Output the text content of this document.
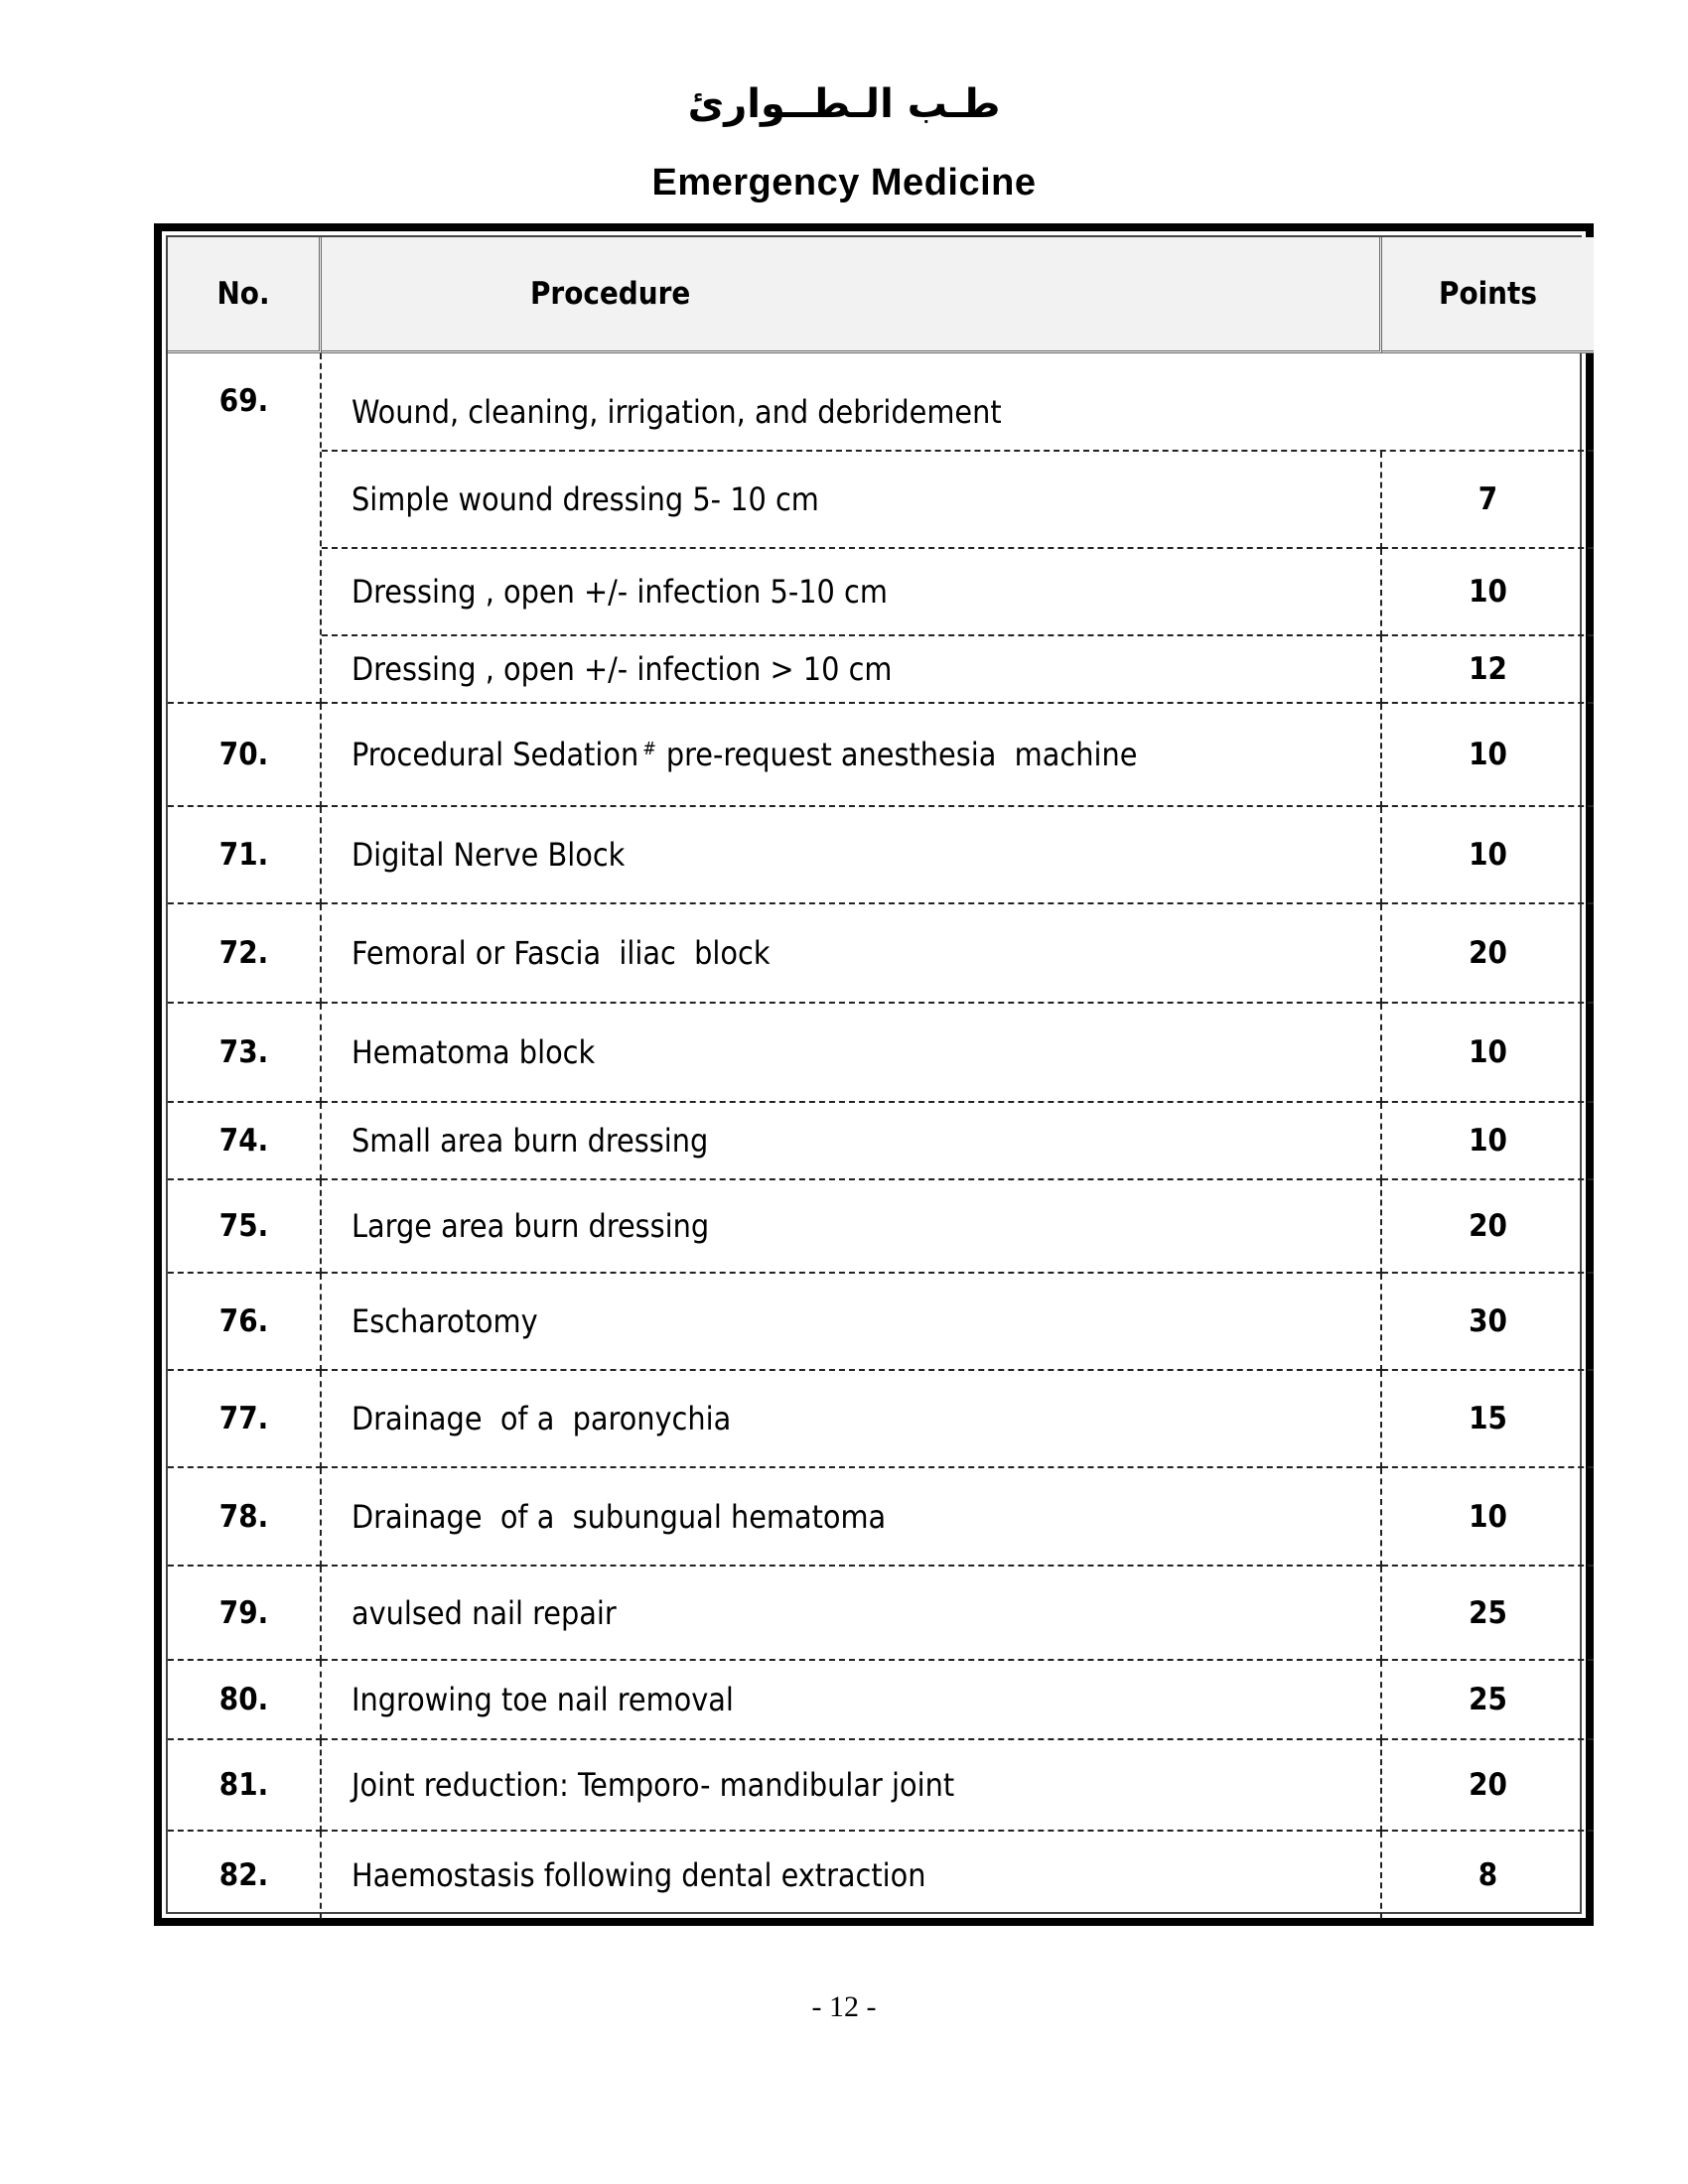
طـب الـطــوارئ
Emergency Medicine
No.	Procedure	Points
69.	Wound, cleaning, irrigation, and debridement
Simple wound dressing 5- 10 cm	7
Dressing , open +/- infection 5-10 cm	10
Dressing , open +/- infection > 10 cm	12
70.	Procedural Sedation# pre-request anesthesia  machine	10
71.	Digital Nerve Block	10
72.	Femoral or Fascia  iliac  block	20
73.	Hematoma block	10
74.	Small area burn dressing	10
75.	Large area burn dressing	20
76.	Escharotomy	30
77.	Drainage  of a  paronychia	15
78.	Drainage  of a  subungual hematoma	10
79.	avulsed nail repair	25
80.	Ingrowing toe nail removal	25
81.	Joint reduction: Temporo- mandibular joint	20
82.	Haemostasis following dental extraction	8
- 12 -
